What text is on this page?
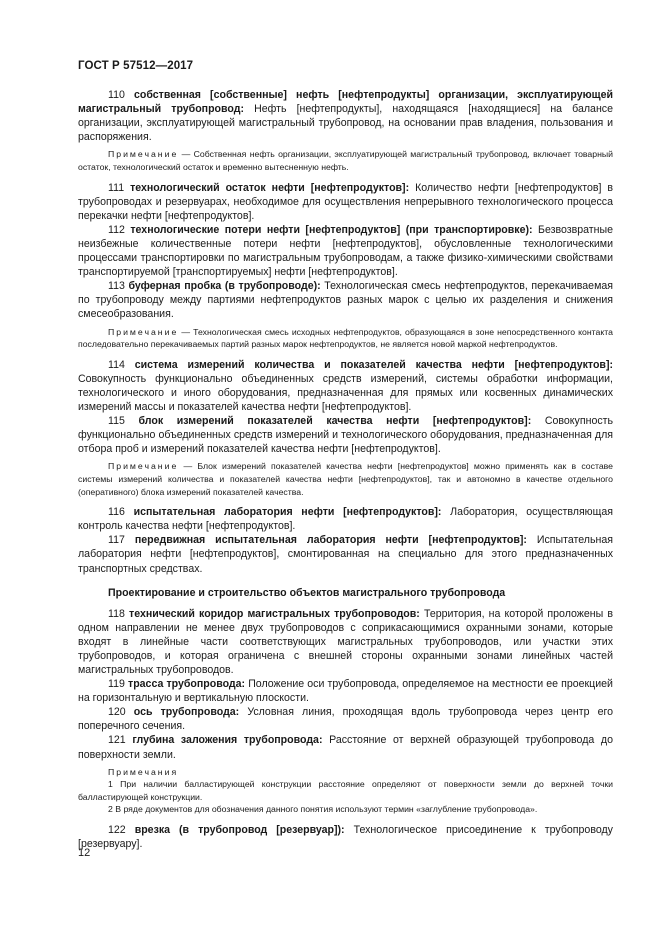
ГОСТ Р 57512—2017

110 собственная [собственные] нефть [нефтепродукты] организации, эксплуатирующей магистральный трубопровод: Нефть [нефтепродукты], находящаяся [находящиеся] на балансе организации, эксплуатирующей магистральный трубопровод, на основании прав владения, пользования и распоряжения.

Примечание — Собственная нефть организации, эксплуатирующей магистральный трубопровод, включает товарный остаток, технологический остаток и временно вытесненную нефть.

111 технологический остаток нефти [нефтепродуктов]: Количество нефти [нефтепродуктов] в трубопроводах и резервуарах, необходимое для осуществления непрерывного технологического процесса перекачки нефти [нефтепродуктов].

112 технологические потери нефти [нефтепродуктов] (при транспортировке): Безвозвратные неизбежные количественные потери нефти [нефтепродуктов], обусловленные технологическими процессами транспортировки по магистральным трубопроводам, а также физико-химическими свойствами транспортируемой [транспортируемых] нефти [нефтепродуктов].

113 буферная пробка (в трубопроводе): Технологическая смесь нефтепродуктов, перекачиваемая по трубопроводу между партиями нефтепродуктов разных марок с целью их разделения и снижения смесеобразования.

Примечание — Технологическая смесь исходных нефтепродуктов, образующаяся в зоне непосредственного контакта последовательно перекачиваемых партий разных марок нефтепродуктов, не является новой маркой нефтепродуктов.

114 система измерений количества и показателей качества нефти [нефтепродуктов]: Совокупность функционально объединенных средств измерений, системы обработки информации, технологического и иного оборудования, предназначенная для прямых или косвенных динамических измерений массы и показателей качества нефти [нефтепродуктов].

115 блок измерений показателей качества нефти [нефтепродуктов]: Совокупность функционально объединенных средств измерений и технологического оборудования, предназначенная для отбора проб и измерений показателей качества нефти [нефтепродуктов].

Примечание — Блок измерений показателей качества нефти [нефтепродуктов] можно применять как в составе системы измерений количества и показателей качества нефти [нефтепродуктов], так и автономно в качестве отдельного (оперативного) блока измерений показателей качества.

116 испытательная лаборатория нефти [нефтепродуктов]: Лаборатория, осуществляющая контроль качества нефти [нефтепродуктов].

117 передвижная испытательная лаборатория нефти [нефтепродуктов]: Испытательная лаборатория нефти [нефтепродуктов], смонтированная на специально для этого предназначенных транспортных средствах.

Проектирование и строительство объектов магистрального трубопровода

118 технический коридор магистральных трубопроводов: Территория, на которой проложены в одном направлении не менее двух трубопроводов с соприкасающимися охранными зонами, которые входят в линейные части соответствующих магистральных трубопроводов, или участки этих трубопроводов, и которая ограничена с внешней стороны охранными зонами линейных частей магистральных трубопроводов.

119 трасса трубопровода: Положение оси трубопровода, определяемое на местности ее проекцией на горизонтальную и вертикальную плоскости.

120 ось трубопровода: Условная линия, проходящая вдоль трубопровода через центр его поперечного сечения.

121 глубина заложения трубопровода: Расстояние от верхней образующей трубопровода до поверхности земли.

Примечания

1 При наличии балластирующей конструкции расстояние определяют от поверхности земли до верхней точки балластирующей конструкции.

2 В ряде документов для обозначения данного понятия используют термин «заглубление трубопровода».

122 врезка (в трубопровод [резервуар]): Технологическое присоединение к трубопроводу [резервуару].

12
